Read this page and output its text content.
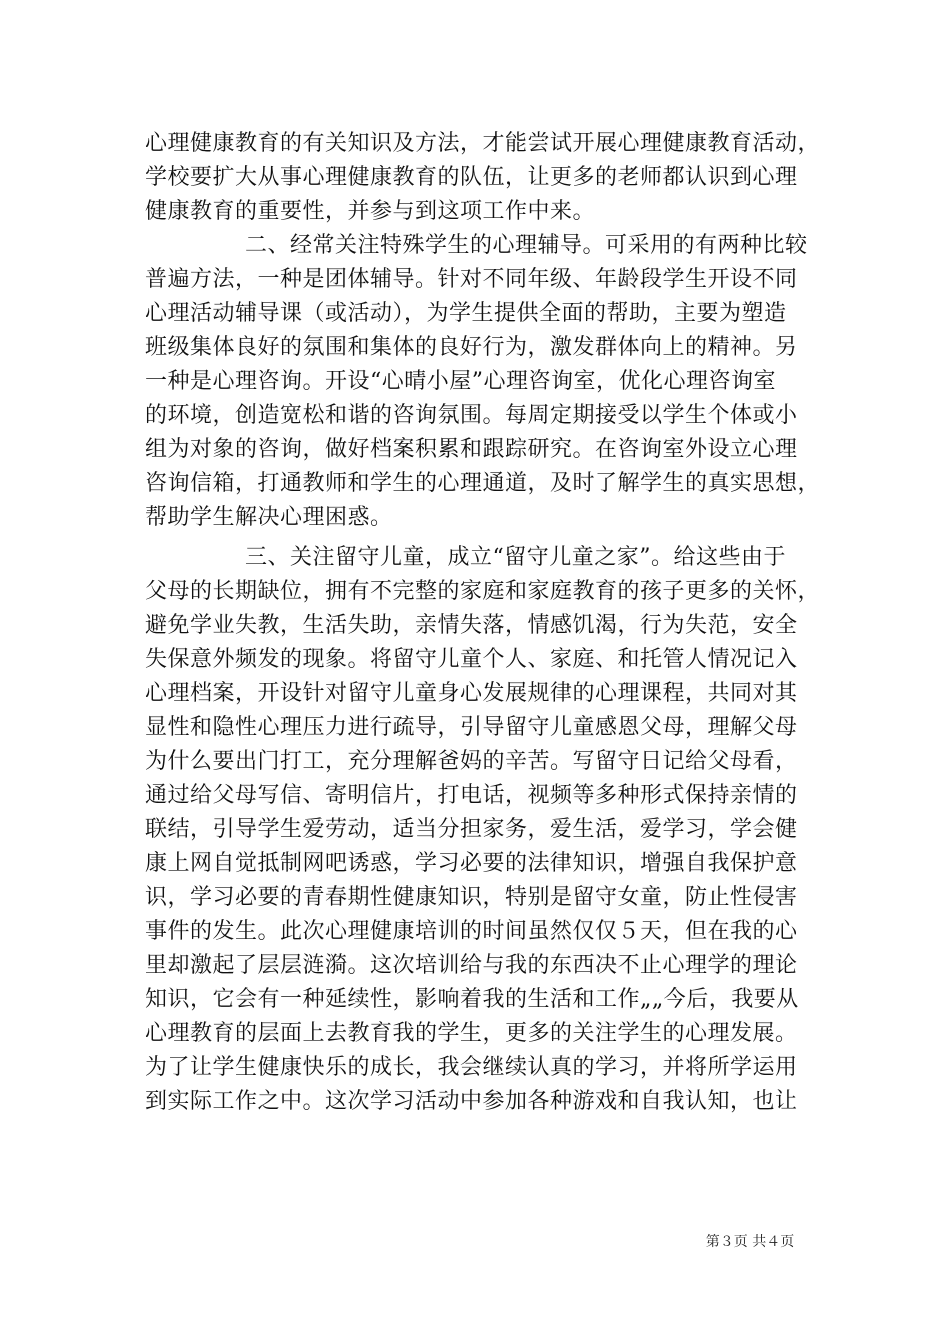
心理健康教育的有关知识及方法，才能尝试开展心理健康教育活动，
学校要扩大从事心理健康教育的队伍，让更多的老师都认识到心理
健康教育的重要性，并参与到这项工作中来。
二、经常关注特殊学生的心理辅导。可采用的有两种比较
普遍方法，一种是团体辅导。针对不同年级、年龄段学生开设不同
心理活动辅导课（或活动），为学生提供全面的帮助，主要为塑造
班级集体良好的氛围和集体的良好行为，激发群体向上的精神。另
一种是心理咨询。开设“心晴小屋”心理咨询室，优化心理咨询室
的环境，创造宽松和谐的咨询氛围。每周定期接受以学生个体或小
组为对象的咨询，做好档案积累和跟踪研究。在咨询室外设立心理
咨询信箱，打通教师和学生的心理通道，及时了解学生的真实思想，
帮助学生解决心理困惑。
三、关注留守儿童，成立“留守儿童之家”。给这些由于
父母的长期缺位，拥有不完整的家庭和家庭教育的孩子更多的关怀，
避免学业失教，生活失助，亲情失落，情感饥渴，行为失范，安全
失保意外频发的现象。将留守儿童个人、家庭、和托管人情况记入
心理档案，开设针对留守儿童身心发展规律的心理课程，共同对其
显性和隐性心理压力进行疏导，引导留守儿童感恩父母，理解父母
为什么要出门打工，充分理解爸妈的辛苦。写留守日记给父母看，
通过给父母写信、寄明信片，打电话，视频等多种形式保持亲情的
联结，引导学生爱劳动，适当分担家务，爱生活，爱学习，学会健
康上网自觉抵制网吧诱惑，学习必要的法律知识，增强自我保护意
识，学习必要的青春期性健康知识，特别是留守女童，防止性侵害
事件的发生。此次心理健康培训的时间虽然仅仅５天，但在我的心
里却激起了层层涟漪。这次培训给与我的东西决不止心理学的理论
知识，它会有一种延续性，影响着我的生活和工作„„今后，我要从
心理教育的层面上去教育我的学生，更多的关注学生的心理发展。
为了让学生健康快乐的成长，我会继续认真的学习，并将所学运用
到实际工作之中。这次学习活动中参加各种游戏和自我认知，也让
第３页 共４页
